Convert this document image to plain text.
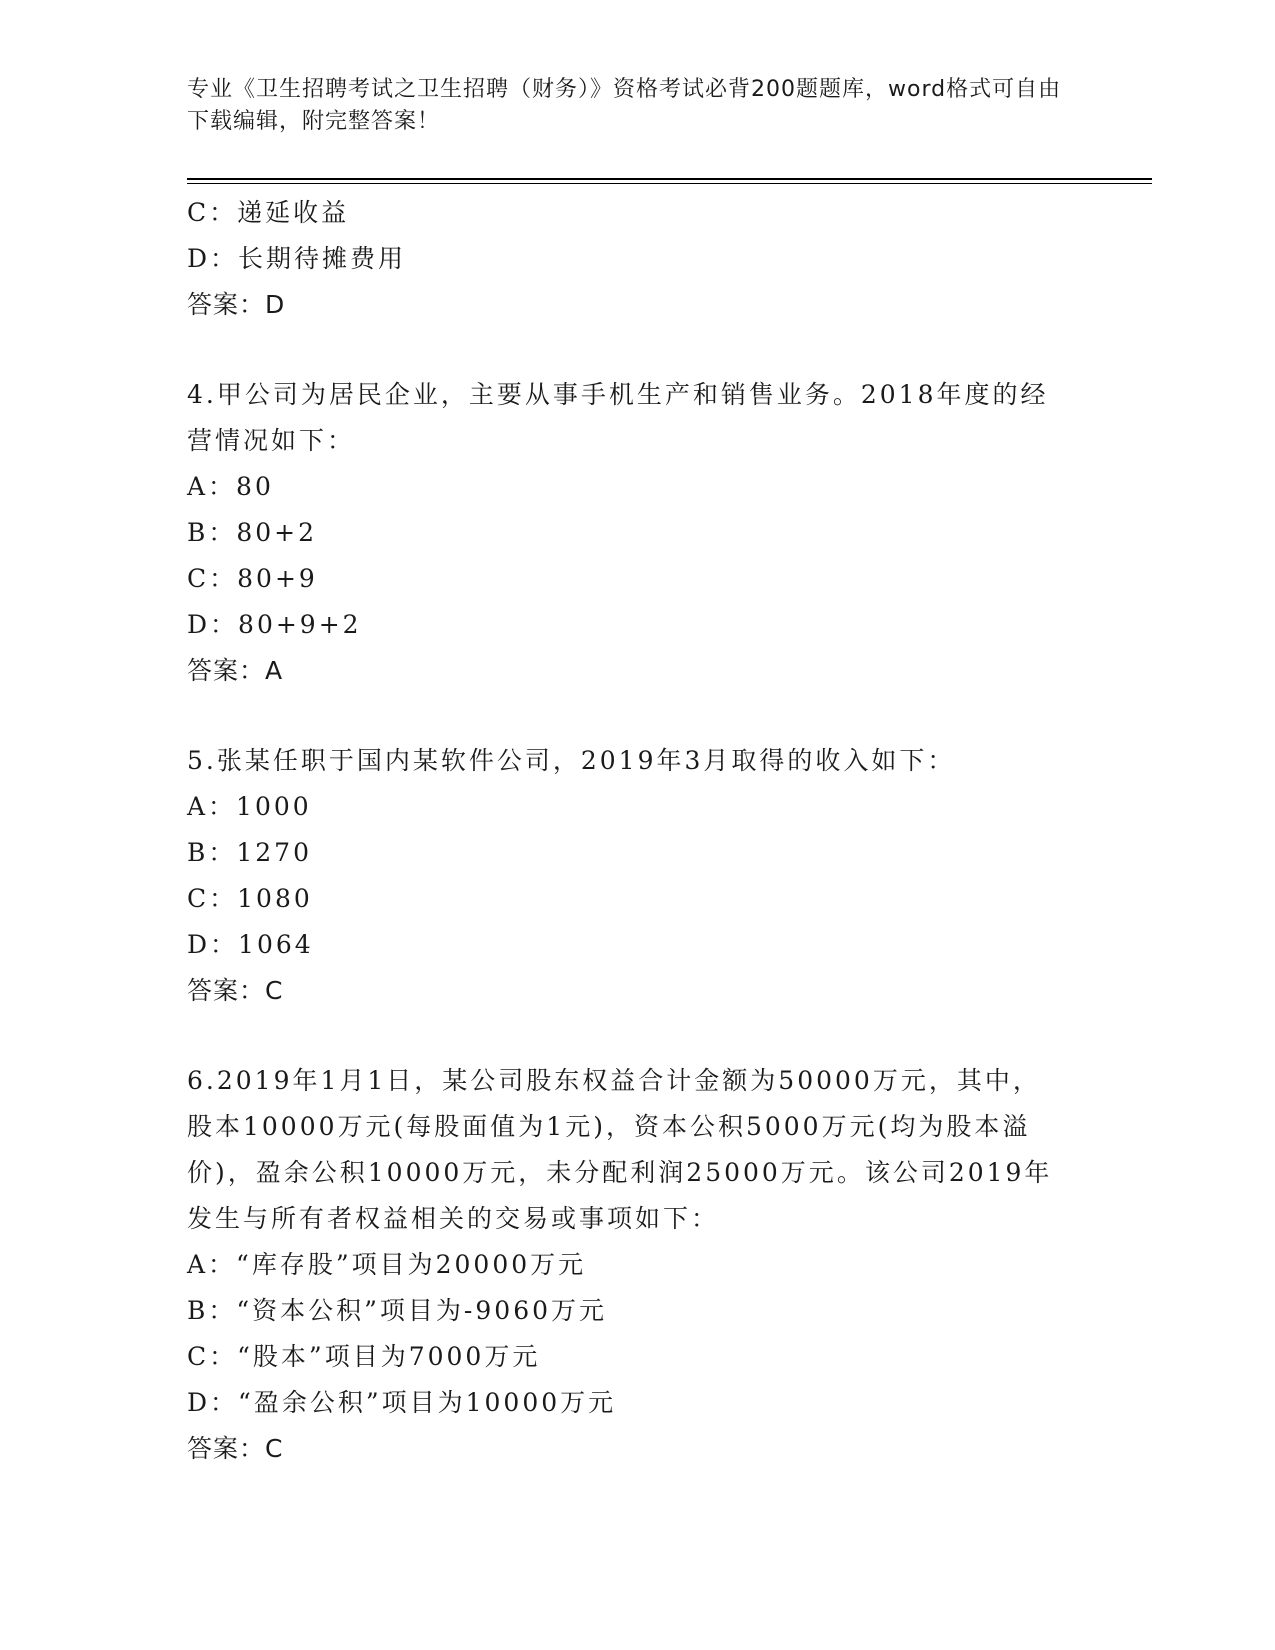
专业《卫生招聘考试之卫生招聘（财务）》资格考试必背200题题库，word格式可自由下载编辑，附完整答案！
C：递延收益
D：长期待摊费用
答案：D
4.甲公司为居民企业，主要从事手机生产和销售业务。2018年度的经营情况如下：
A：80
B：80+2
C：80+9
D：80+9+2
答案：A
5.张某任职于国内某软件公司，2019年3月取得的收入如下：
A：1000
B：1270
C：1080
D：1064
答案：C
6.2019年1月1日，某公司股东权益合计金额为50000万元，其中，股本10000万元(每股面值为1元)，资本公积5000万元(均为股本溢价)，盈余公积10000万元，未分配利润25000万元。该公司2019年发生与所有者权益相关的交易或事项如下：
A：“库存股”项目为20000万元
B：“资本公积”项目为-9060万元
C：“股本”项目为7000万元
D：“盈余公积”项目为10000万元
答案：C
